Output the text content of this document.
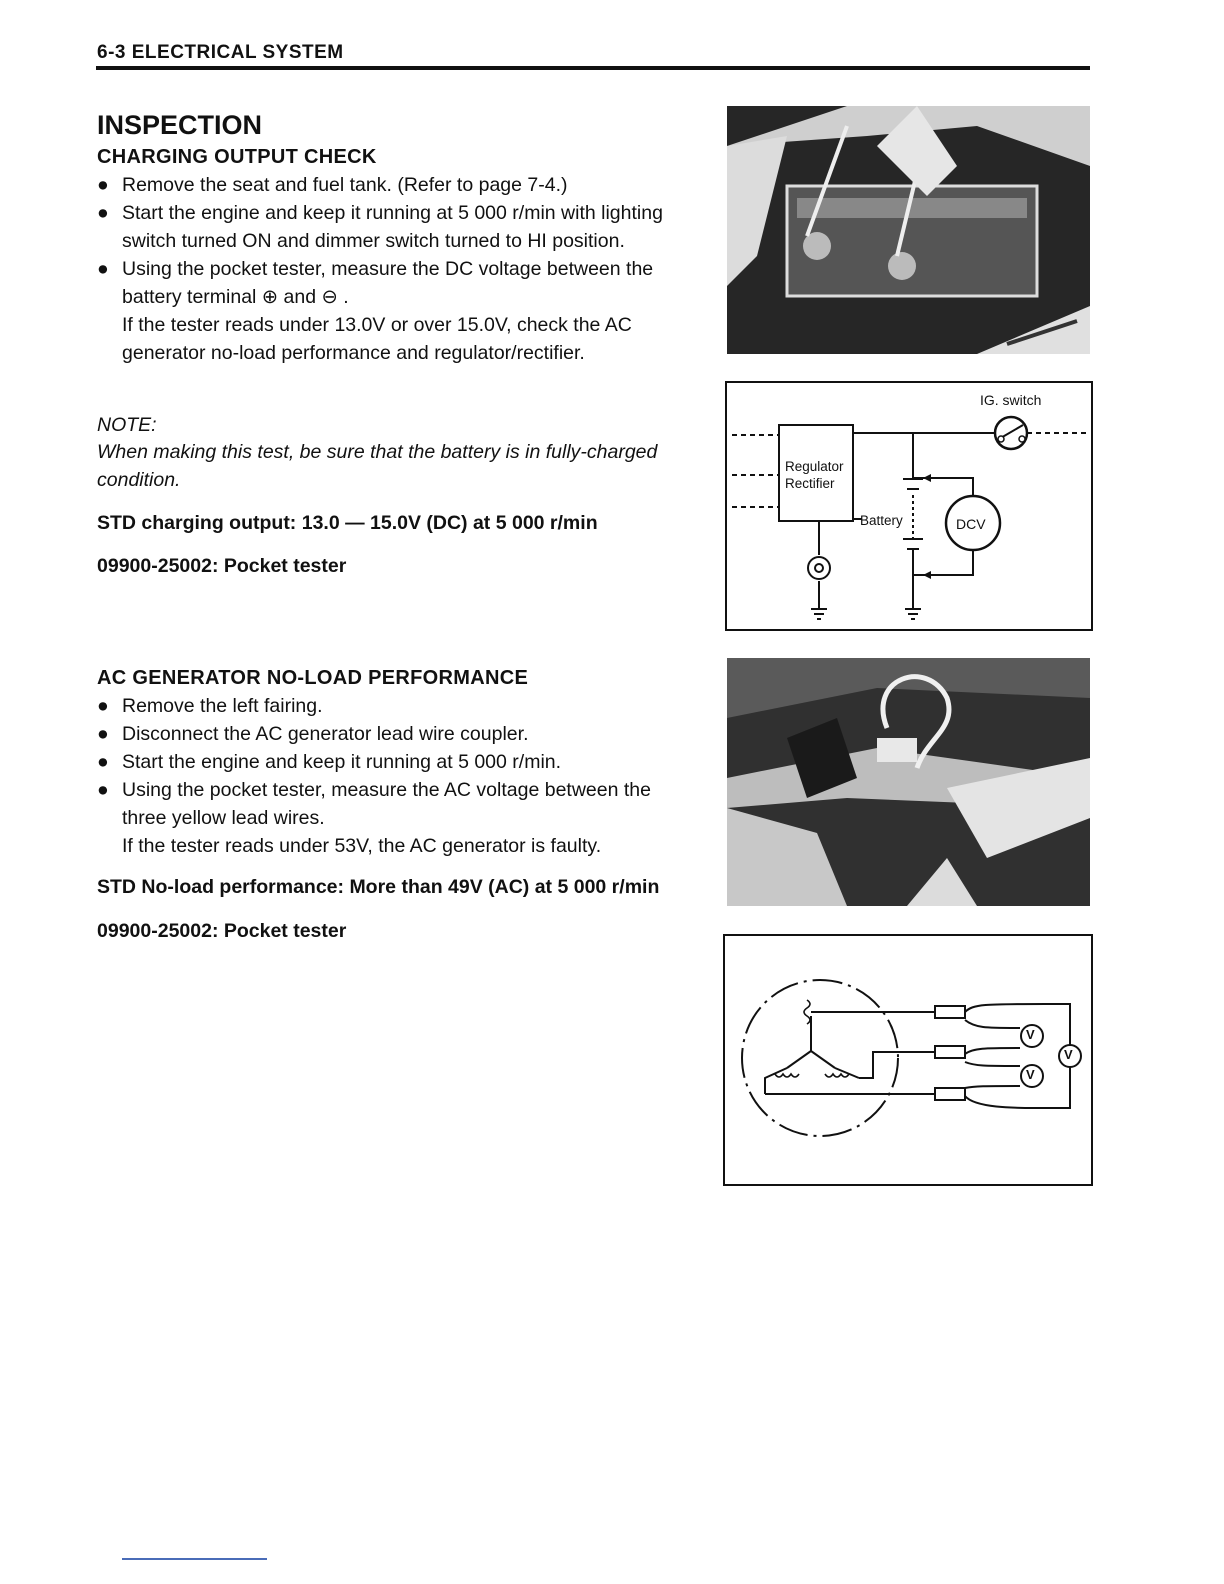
6-3 ELECTRICAL SYSTEM
INSPECTION
CHARGING OUTPUT CHECK
● Remove the seat and fuel tank. (Refer to page 7-4.)
● Start the engine and keep it running at 5 000 r/min with lighting switch turned ON and dimmer switch turned to HI position.
● Using the pocket tester, measure the DC voltage between the battery terminal ⊕ and ⊖ .
If the tester reads under 13.0V or over 15.0V, check the AC generator no-load performance and regulator/rectifier.
NOTE:
When making this test, be sure that the battery is in fully-charged condition.
STD charging output: 13.0 — 15.0V (DC) at 5 000 r/min
09900-25002: Pocket tester
IG. switch
Regulator
Rectifier
Battery	DCV
AC GENERATOR NO-LOAD PERFORMANCE
● Remove the left fairing.
● Disconnect the AC generator lead wire coupler.
● Start the engine and keep it running at 5 000 r/min.
● Using the pocket tester, measure the AC voltage between the three yellow lead wires.
If the tester reads under 53V, the AC generator is faulty.
STD No-load performance: More than 49V (AC) at 5 000 r/min
09900-25002: Pocket tester
V
V
V
